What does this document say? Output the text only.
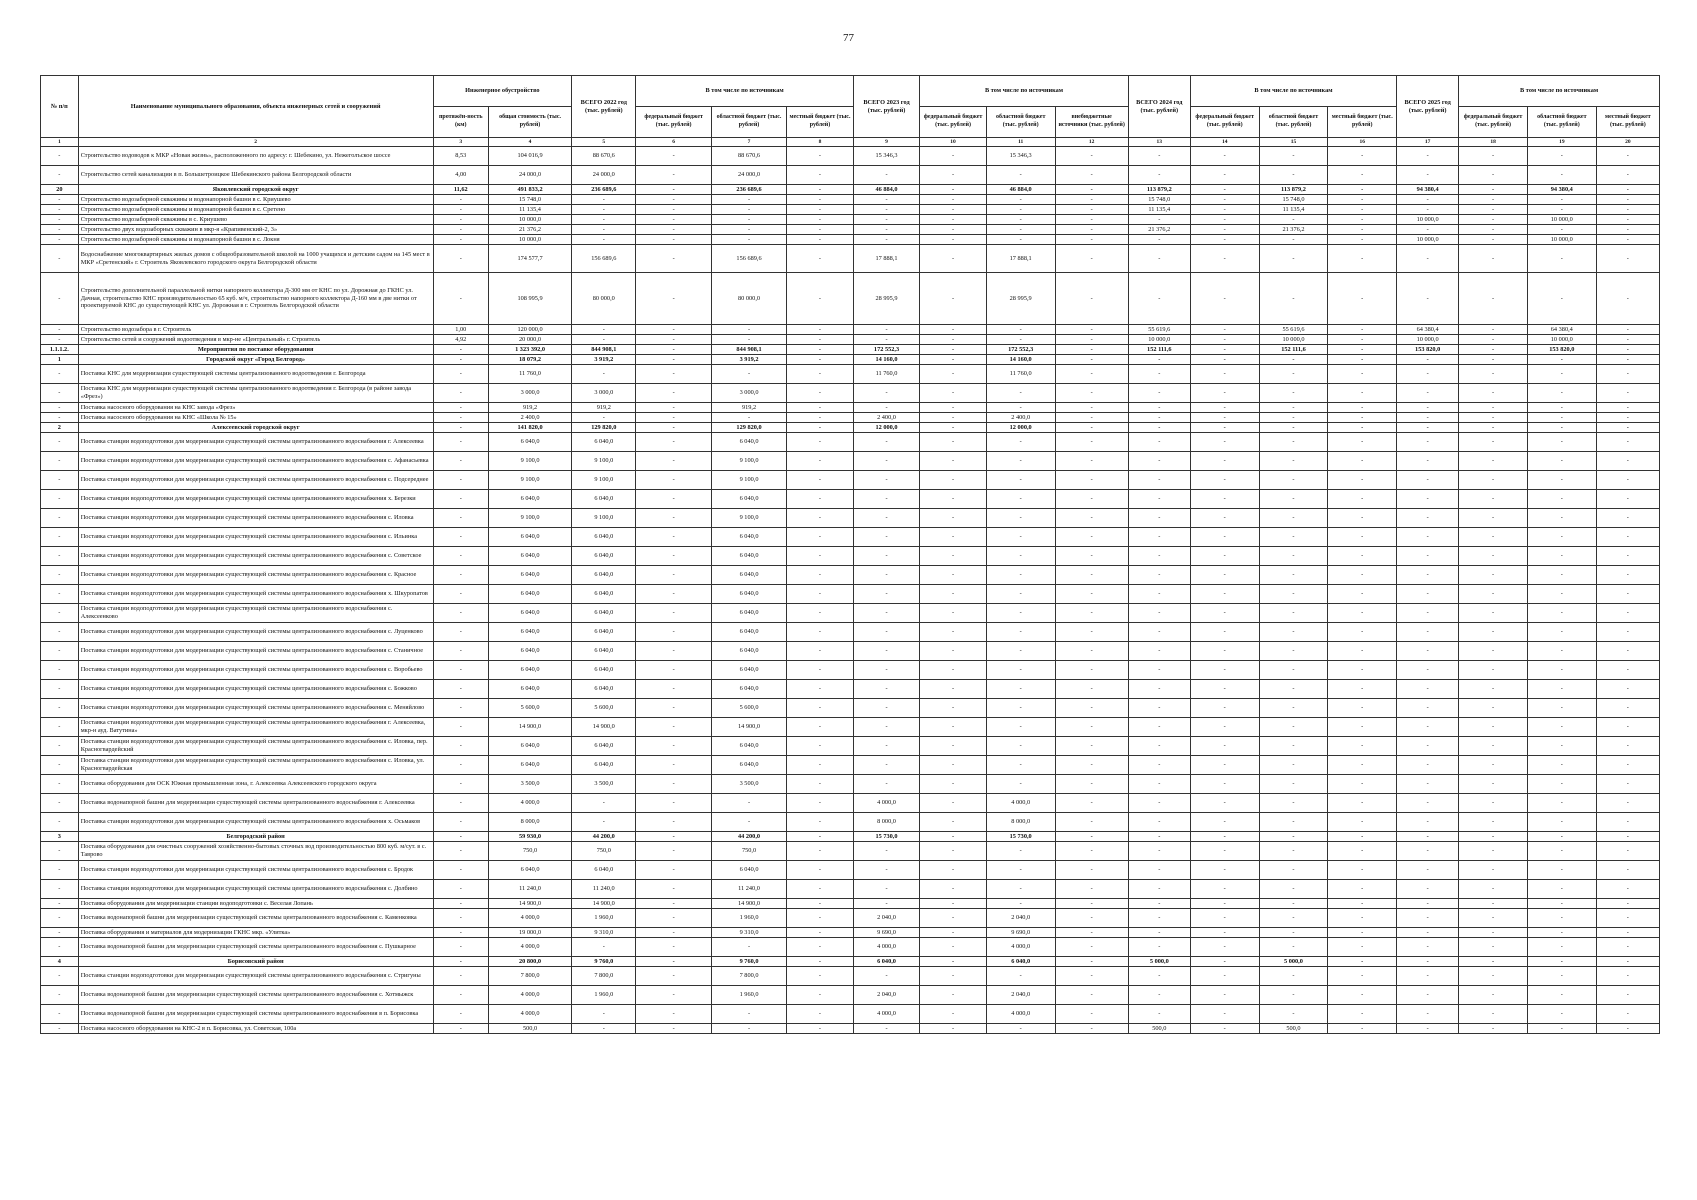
77
№ п/п	Наименование муниципального образования, объекта инженерных сетей и сооружений	Инженерное обустройство		ВСЕГО 2022 год (тыс. рублей)	В том числе по источникам			ВСЕГО 2023 год (тыс. рублей)	В том числе по источникам			ВСЕГО 2024 год (тыс. рублей)	В том числе по источникам			ВСЕГО 2025 год (тыс. рублей)	В том числе по источникам		
		протяжён-ность (км)	общая стоимость (тыс. рублей)		федеральный бюджет (тыс. рублей)	областной бюджет (тыс. рублей)	местный бюджет (тыс. рублей)		федеральный бюджет (тыс. рублей)	областной бюджет (тыс. рублей)	внебюджетные источники (тыс. рублей)		федеральный бюджет (тыс. рублей)	областной бюджет (тыс. рублей)	местный бюджет (тыс. рублей)		федеральный бюджет (тыс. рублей)	областной бюджет (тыс. рублей)	местный бюджет (тыс. рублей)
1	2	3	4	5	6	7	8	9	10	11	12	13	14	15	16	17	18	19	20
-	Строительство водоводов к МКР «Новая жизнь», расположенного по адресу: г. Шебекино, ул. Нежеголъское шоссе	8,53	104 016,9	88 670,6	-	88 670,6	-	15 346,3	-	15 346,3	-	-	-	-	-	-	-	-	-
-	Строительство сетей канализации в п. Большетроицкое Шебекинского района Белгородской области	4,00	24 000,0	24 000,0	-	24 000,0	-	-	-	-	-	-	-	-	-	-	-	-	-
20	Яковлевский городской округ	11,62	491 833,2	236 689,6	-	236 689,6	-	46 884,0	-	46 884,0	-	113 879,2	-	113 879,2	-	94 380,4	-	94 380,4	-
-	Строительство водозаборной скважины и водонапорной башни в с. Криушево	-	15 748,0	-	-	-	-	-	-	-	-	15 748,0	-	15 748,0	-	-	-	-	-
-	Строительство водозаборной скважины и водонапорной башни в с. Сретено	-	11 135,4	-	-	-	-	-	-	-	-	11 135,4	-	11 135,4	-	-	-	-	-
-	Строительство водозаборной скважины в с. Криушево	-	10 000,0	-	-	-	-	-	-	-	-	-	-	-	-	10 000,0	-	10 000,0	-
-	Строительство двух водозаборных скважин в мкр-я «Крапивенский-2, 3»	-	21 376,2	-	-	-	-	-	-	-	-	21 376,2	-	21 376,2	-	-	-	-	-
-	Строительство водозаборной скважины и водонапорной башни в с. Локня	-	10 000,0	-	-	-	-	-	-	-	-	-	-	-	-	10 000,0	-	10 000,0	-
-	Водоснабжение многоквартирных жилых домов с общеобразовательной школой на 1000 учащихся и детским садом на 145 мест в МКР «Сретенский» г. Строитель Яковлевского городского округа Белгородской области	-	174 577,7	156 689,6	-	156 689,6	-	17 888,1	-	17 888,1	-	-	-	-	-	-	-	-	-
-	Строительство дополнительной параллельной нитки напорного коллектора Д-300 мм от КНС по ул. Дорожная до ГКНС ул. Дачная, строительство КНС производительностью 65 куб. м/ч, строительство напорного коллектора Д-160 мм в две нитки от проектируемой КНС до существующей КНС ул. Дорожная в г. Строитель Белгородской области	-	108 995,9	80 000,0	-	80 000,0	-	28 995,9	-	28 995,9	-	-	-	-	-	-	-	-	-
-	Строительство водозабора в г. Строитель	1,00	120 000,0	-	-	-	-	-	-	-	-	55 619,6	-	55 619,6	-	64 380,4	-	64 380,4	-
-	Строительство сетей и сооружений водоотведения в мкр-не «Центральный» г. Строитель	4,92	20 000,0	-	-	-	-	-	-	-	-	10 000,0	-	10 000,0	-	10 000,0	-	10 000,0	-
1.1.1.2.	Мероприятия по поставке оборудования	-	1 323 392,0	844 908,1	-	844 908,1	-	172 552,3	-	172 552,3	-	152 111,6	-	152 111,6	-	153 820,0	-	153 820,0	-
1	Городской округ «Город Белгород»	-	18 079,2	3 919,2	-	3 919,2	-	14 160,0	-	14 160,0	-	-	-	-	-	-	-	-	-
-	Поставка КНС для модернизации существующей системы централизованного водоотведения г. Белгорода	-	11 760,0	-	-	-	-	11 760,0	-	11 760,0	-	-	-	-	-	-	-	-	-
-	Поставка КНС для модернизации существующей системы централизованного водоотведения г. Белгорода (в районе завода «Фрез»)	-	3 000,0	3 000,0	-	3 000,0	-	-	-	-	-	-	-	-	-	-	-	-	-
-	Поставка насосного оборудования на КНС завода «Фрез»	-	919,2	919,2	-	919,2	-	-	-	-	-	-	-	-	-	-	-	-	-
-	Поставка насосного оборудования на КНС «Школа № 15»	-	2 400,0	-	-	-	-	2 400,0	-	2 400,0	-	-	-	-	-	-	-	-	-
2	Алексеевский городской округ	-	141 820,0	129 820,0	-	129 820,0	-	12 000,0	-	12 000,0	-	-	-	-	-	-	-	-	-
-	Поставка станции водоподготовки для модернизации существующей системы централизованного водоснабжения г. Алексеевка	-	6 040,0	6 040,0	-	6 040,0	-	-	-	-	-	-	-	-	-	-	-	-	-
-	Поставка станции водоподготовки для модернизации существующей системы централизованного водоснабжения с. Афанасьевка	-	9 100,0	9 100,0	-	9 100,0	-	-	-	-	-	-	-	-	-	-	-	-	-
-	Поставка станции водоподготовки для модернизации существующей системы централизованного водоснабжения с. Подсереднее	-	9 100,0	9 100,0	-	9 100,0	-	-	-	-	-	-	-	-	-	-	-	-	-
-	Поставка станции водоподготовки для модернизации существующей системы централизованного водоснабжения х. Березки	-	6 040,0	6 040,0	-	6 040,0	-	-	-	-	-	-	-	-	-	-	-	-	-
-	Поставка станции водоподготовки для модернизации существующей системы централизованного водоснабжения с. Иловка	-	9 100,0	9 100,0	-	9 100,0	-	-	-	-	-	-	-	-	-	-	-	-	-
-	Поставка станции водоподготовки для модернизации существующей системы централизованного водоснабжения с. Ильинка	-	6 040,0	6 040,0	-	6 040,0	-	-	-	-	-	-	-	-	-	-	-	-	-
-	Поставка станции водоподготовки для модернизации существующей системы централизованного водоснабжения с. Советское	-	6 040,0	6 040,0	-	6 040,0	-	-	-	-	-	-	-	-	-	-	-	-	-
-	Поставка станции водоподготовки для модернизации существующей системы централизованного водоснабжения с. Красное	-	6 040,0	6 040,0	-	6 040,0	-	-	-	-	-	-	-	-	-	-	-	-	-
-	Поставка станции водоподготовки для модернизации существующей системы централизованного водоснабжения х. Шкуропатов	-	6 040,0	6 040,0	-	6 040,0	-	-	-	-	-	-	-	-	-	-	-	-	-
-	Поставка станции водоподготовки для модернизации существующей системы централизованного водоснабжения с. Алексеенково	-	6 040,0	6 040,0	-	6 040,0	-	-	-	-	-	-	-	-	-	-	-	-	-
-	Поставка станции водоподготовки для модернизации существующей системы централизованного водоснабжения с. Луценково	-	6 040,0	6 040,0	-	6 040,0	-	-	-	-	-	-	-	-	-	-	-	-	-
-	Поставка станции водоподготовки для модернизации существующей системы централизованного водоснабжения с. Станичное	-	6 040,0	6 040,0	-	6 040,0	-	-	-	-	-	-	-	-	-	-	-	-	-
-	Поставка станции водоподготовки для модернизации существующей системы централизованного водоснабжения с. Воробьево	-	6 040,0	6 040,0	-	6 040,0	-	-	-	-	-	-	-	-	-	-	-	-	-
-	Поставка станции водоподготовки для модернизации существующей системы централизованного водоснабжения с. Божково	-	6 040,0	6 040,0	-	6 040,0	-	-	-	-	-	-	-	-	-	-	-	-	-
-	Поставка станции водоподготовки для модернизации существующей системы централизованного водоснабжения с. Меняйлово	-	5 600,0	5 600,0	-	5 600,0	-	-	-	-	-	-	-	-	-	-	-	-	-
-	Поставка станции водоподготовки для модернизации существующей системы централизованного водоснабжения г. Алексеевка, мкр-н ауд. Ватутина»	-	14 900,0	14 900,0	-	14 900,0	-	-	-	-	-	-	-	-	-	-	-	-	-
-	Поставка станции водоподготовки для модернизации существующей системы централизованного водоснабжения с. Иловка, пер. Красногвардейский	-	6 040,0	6 040,0	-	6 040,0	-	-	-	-	-	-	-	-	-	-	-	-	-
-	Поставка станции водоподготовки для модернизации существующей системы централизованного водоснабжения с. Иловка, ул. Красногвардейская	-	6 040,0	6 040,0	-	6 040,0	-	-	-	-	-	-	-	-	-	-	-	-	-
-	Поставка оборудования для ОСК Южная промышленная зона, г. Алексеевка Алексеевского городского округа	-	3 500,0	3 500,0	-	3 500,0	-	-	-	-	-	-	-	-	-	-	-	-	-
-	Поставка водонапорной башни для модернизации существующей системы централизованного водоснабжения г. Алексеевка	-	4 000,0	-	-	-	-	4 000,0	-	4 000,0	-	-	-	-	-	-	-	-	-
-	Поставка станции водоподготовки для модернизации существующей системы централизованного водоснабжения х. Осьмаков	-	8 000,0	-	-	-	-	8 000,0	-	8 000,0	-	-	-	-	-	-	-	-	-
3	Белгородский район	-	59 930,0	44 200,0	-	44 200,0	-	15 730,0	-	15 730,0	-	-	-	-	-	-	-	-	-
-	Поставка оборудования для очистных сооружений хозяйственно-бытовых сточных вод производительностью 800 куб. м/сут. в с. Таврово	-	750,0	750,0	-	750,0	-	-	-	-	-	-	-	-	-	-	-	-	-
-	Поставка станции водоподготовки для модернизации существующей системы централизованного водоснабжения с. Бродок	-	6 040,0	6 040,0	-	6 040,0	-	-	-	-	-	-	-	-	-	-	-	-	-
-	Поставка станции водоподготовки для модернизации существующей системы централизованного водоснабжения с. Долбино	-	11 240,0	11 240,0	-	11 240,0	-	-	-	-	-	-	-	-	-	-	-	-	-
-	Поставка оборудования для модернизации станции водоподготовки с. Веселая Лопань	-	14 900,0	14 900,0	-	14 900,0	-	-	-	-	-	-	-	-	-	-	-	-	-
-	Поставка водонапорной башни для модернизации существующей системы централизованного водоснабжения с. Каменковка	-	4 000,0	1 960,0	-	1 960,0	-	2 040,0	-	2 040,0	-	-	-	-	-	-	-	-	-
-	Поставка оборудования и материалов для модернизации ГКНС мкр. «Улитка»	-	19 000,0	9 310,0	-	9 310,0	-	9 690,0	-	9 690,0	-	-	-	-	-	-	-	-	-
-	Поставка водонапорной башни для модернизации существующей системы централизованного водоснабжения с. Пушкарное	-	4 000,0	-	-	-	-	4 000,0	-	4 000,0	-	-	-	-	-	-	-	-	-
4	Борисовский район	-	20 800,0	9 760,0	-	9 760,0	-	6 040,0	-	6 040,0	-	5 000,0	-	5 000,0	-	-	-	-	-
-	Поставка станции водоподготовки для модернизации существующей системы централизованного водоснабжения с. Стригуны	-	7 800,0	7 800,0	-	7 800,0	-	-	-	-	-	-	-	-	-	-	-	-	-
-	Поставка водонапорной башни для модернизации существующей системы централизованного водоснабжения с. Хотмыжск	-	4 000,0	1 960,0	-	1 960,0	-	2 040,0	-	2 040,0	-	-	-	-	-	-	-	-	-
-	Поставка водонапорной башни для модернизации существующей системы централизованного водоснабжения в п. Борисовка	-	4 000,0	-	-	-	-	4 000,0	-	4 000,0	-	-	-	-	-	-	-	-	-
-	Поставка насосного оборудования на КНС-2 в п. Борисовка, ул. Советская, 100а	-	500,0	-	-	-	-	-	-	-	-	500,0	-	500,0	-	-	-	-	-
